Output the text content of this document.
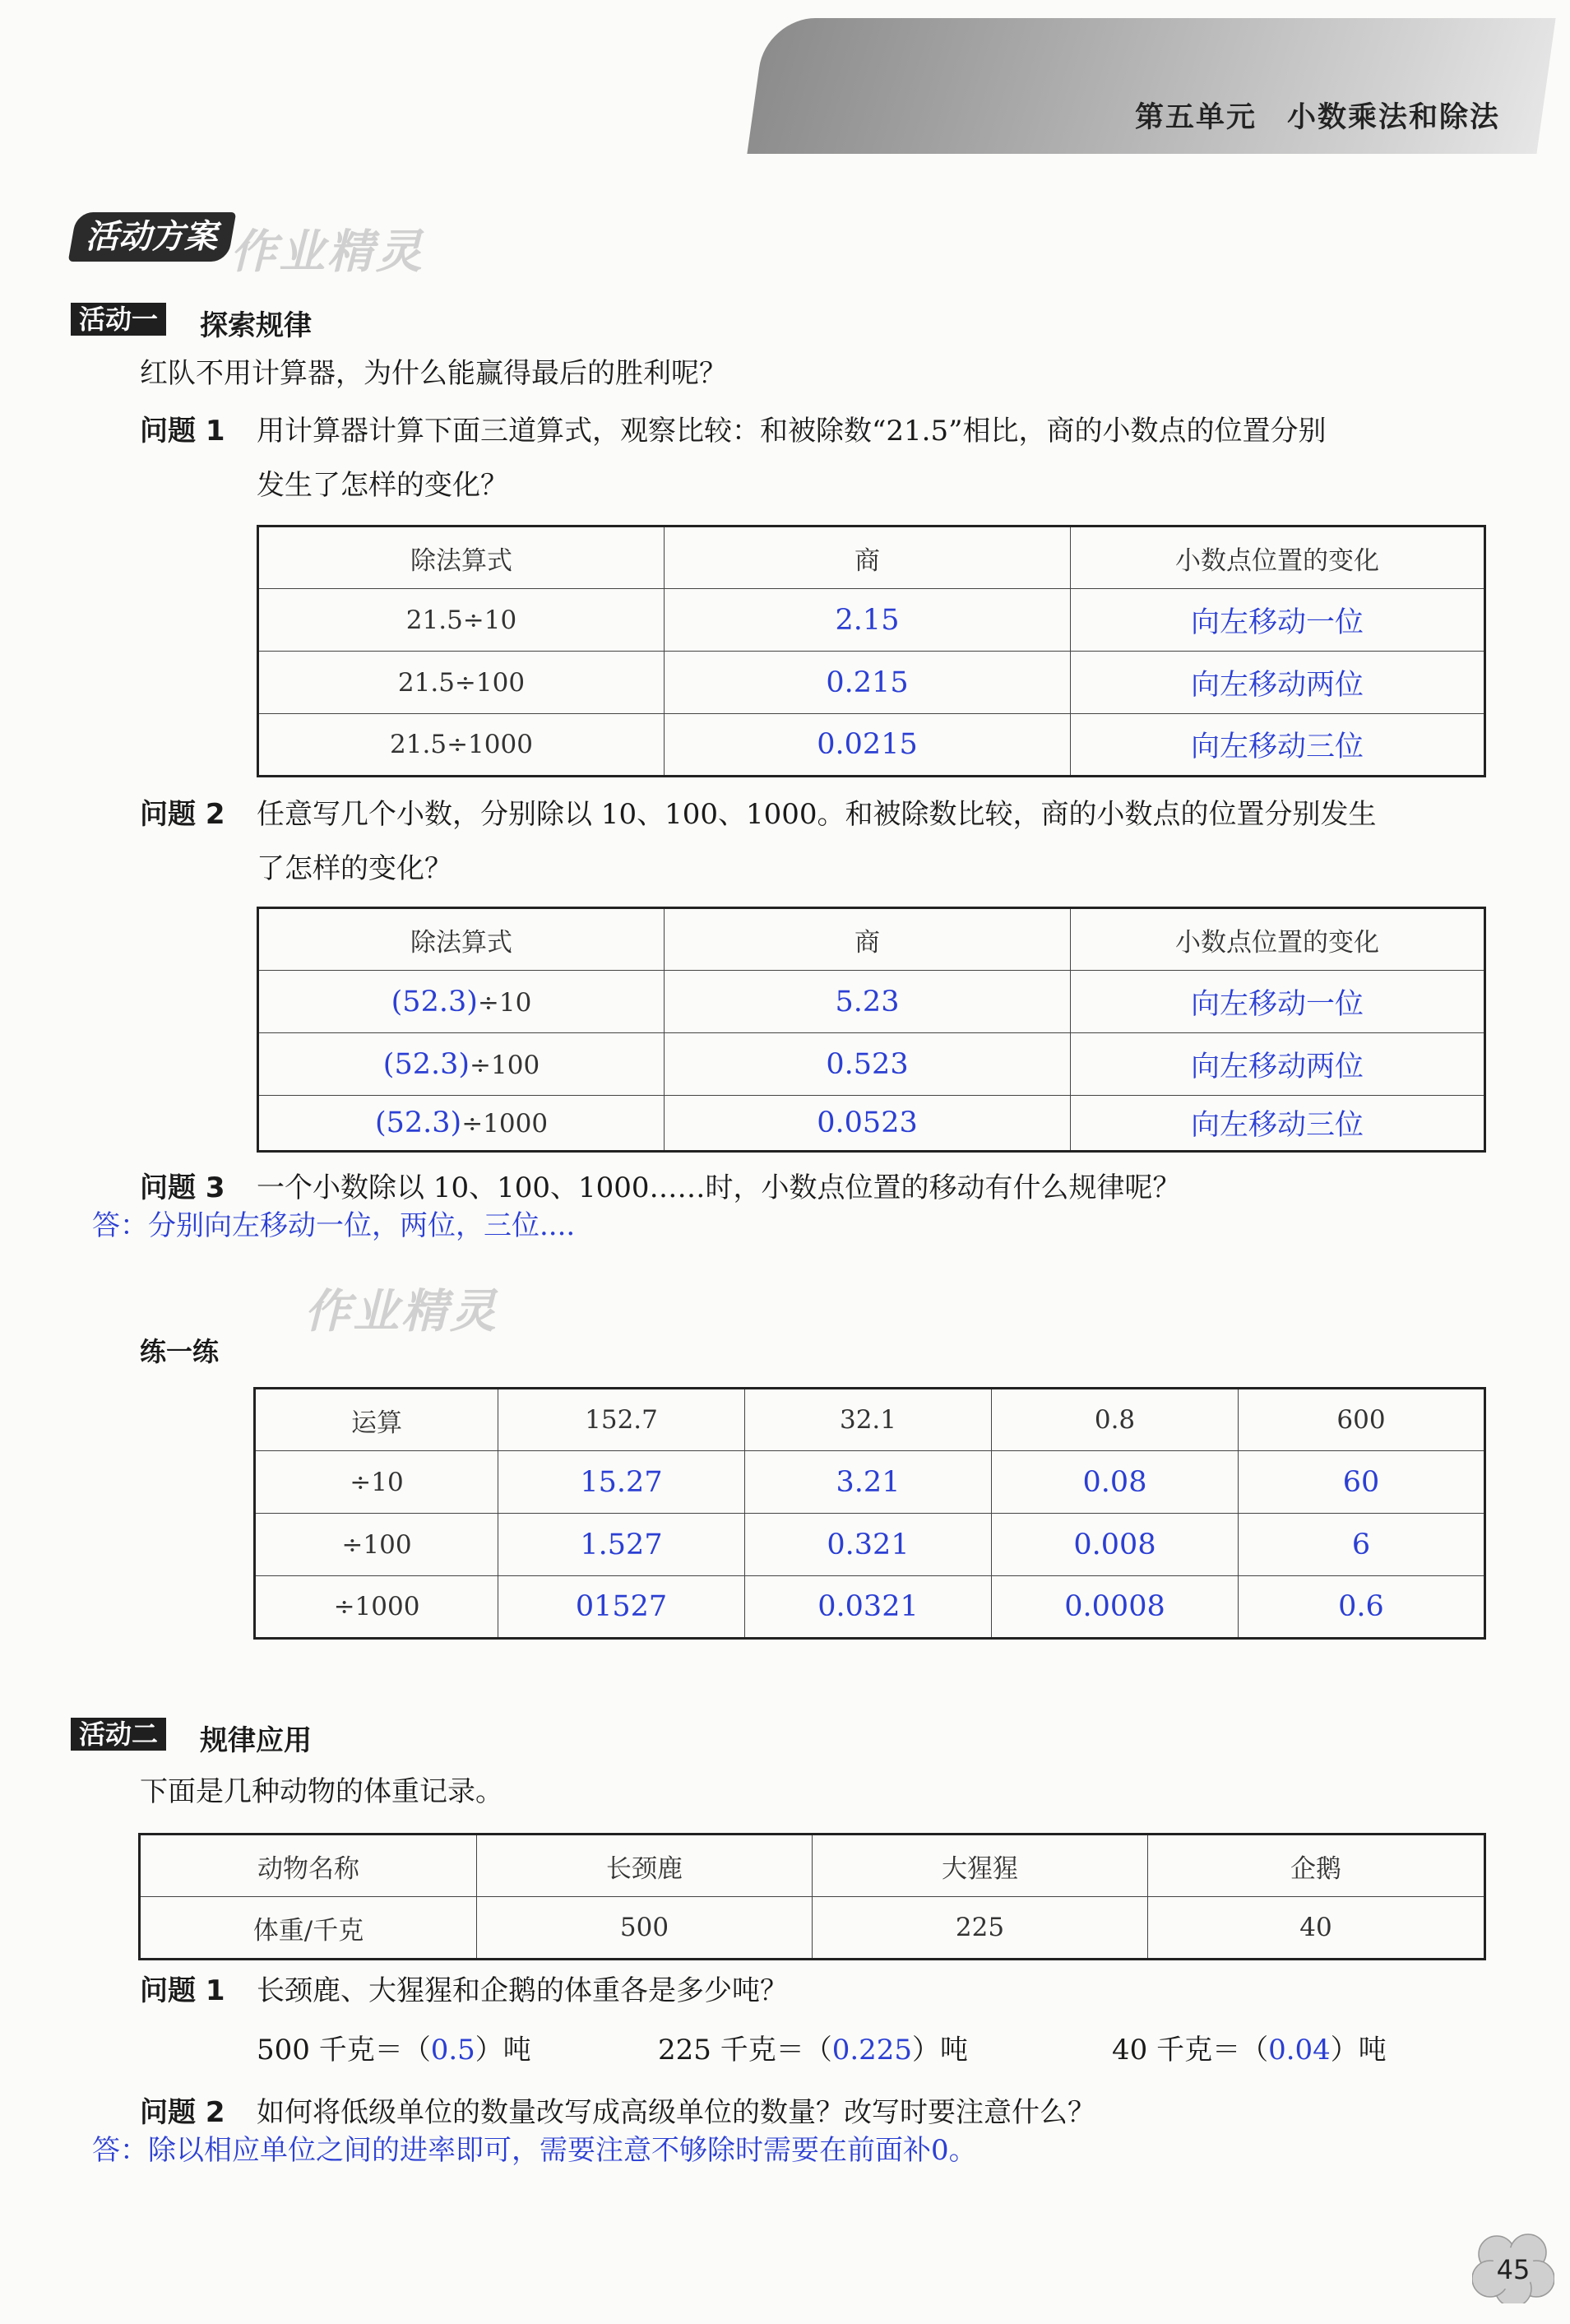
第五单元　小数乘法和除法
活动方案 作业精灵
活动一 探索规律
红队不用计算器，为什么能赢得最后的胜利呢？
问题 1 用计算器计算下面三道算式，观察比较：和被除数“21.5”相比，商的小数点的位置分别
发生了怎样的变化？
除法算式	商	小数点位置的变化
21.5÷10	2.15	向左移动一位
21.5÷100	0.215	向左移动两位
21.5÷1000	0.0215	向左移动三位
问题 2 任意写几个小数，分别除以 10、100、1000。和被除数比较，商的小数点的位置分别发生
了怎样的变化？
除法算式	商	小数点位置的变化
(52.3)÷10	5.23	向左移动一位
(52.3)÷100	0.523	向左移动两位
(52.3)÷1000	0.0523	向左移动三位
问题 3 一个小数除以 10、100、1000……时，小数点位置的移动有什么规律呢？
答：分别向左移动一位，两位，三位....
作业精灵
练一练
运算	152.7	32.1	0.8	600
÷10	15.27	3.21	0.08	60
÷100	1.527	0.321	0.008	6
÷1000	01527	0.0321	0.0008	0.6
活动二 规律应用
下面是几种动物的体重记录。
动物名称	长颈鹿	大猩猩	企鹅
体重/千克	500	225	40
问题 1 长颈鹿、大猩猩和企鹅的体重各是多少吨？
500 千克＝（0.5）吨	225 千克＝（0.225）吨	40 千克＝（0.04）吨
问题 2 如何将低级单位的数量改写成高级单位的数量？改写时要注意什么？
答：除以相应单位之间的进率即可，需要注意不够除时需要在前面补0。
45
